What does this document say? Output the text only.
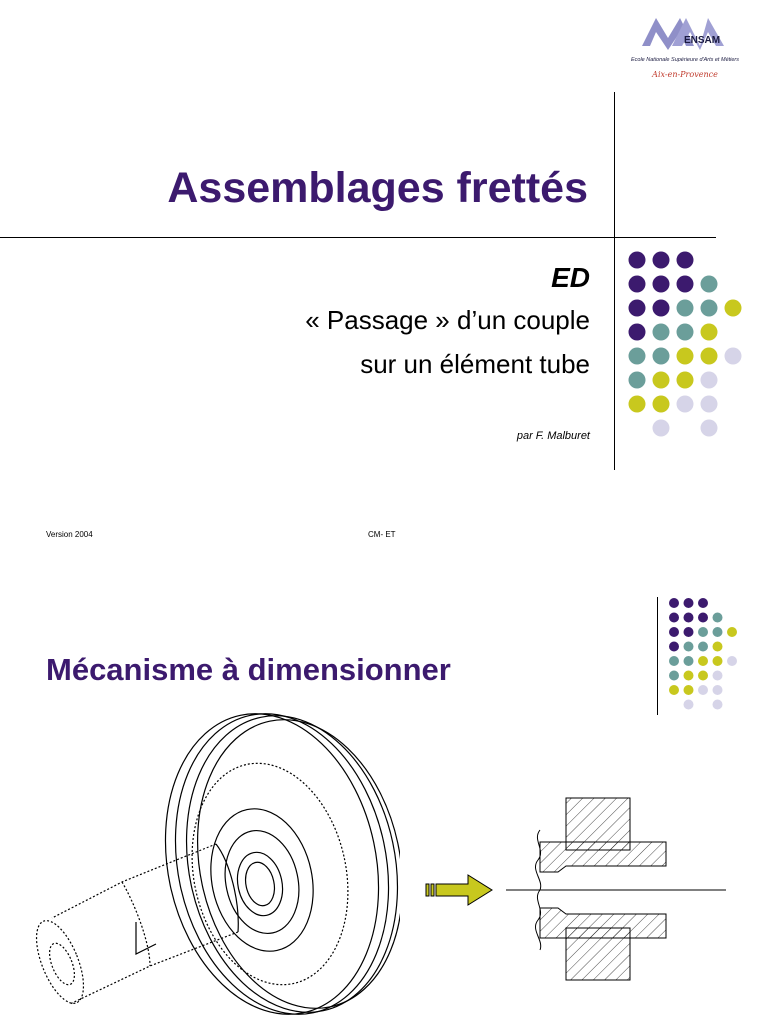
ENSAM
Ecole Nationale Supérieure d'Arts et Métiers
Aix-en-Provence
Assemblages frettés
ED
« Passage » d’un couple
sur un élément tube
par F. Malburet
Version 2004	CM- ET
Mécanisme à dimensionner
